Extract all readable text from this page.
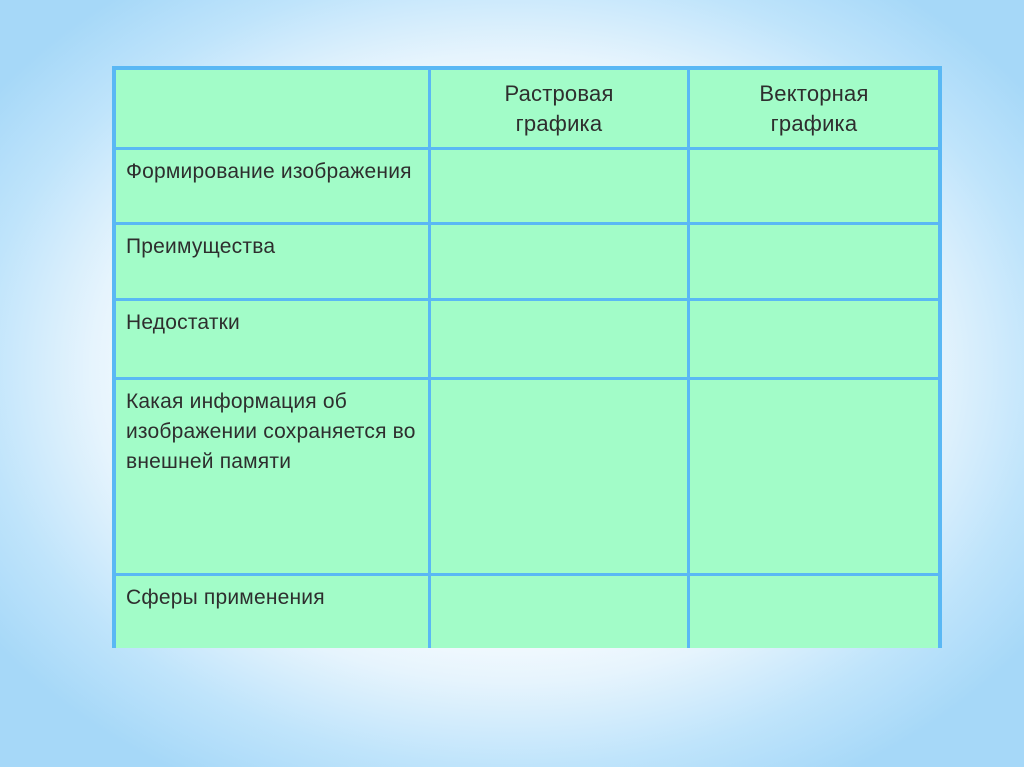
Растровая графика
Векторная графика
Формирование изображения
Преимущества
Недостатки
Какая информация об изображении сохраняется во внешней памяти
Сферы применения
